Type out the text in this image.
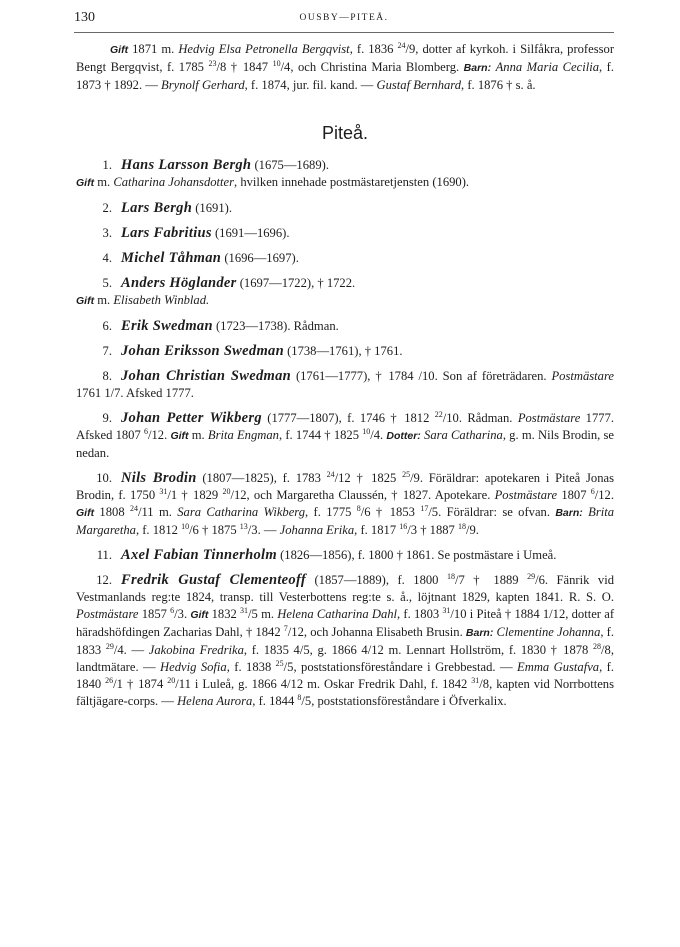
130	OUSBY—PITEÅ.

Gift 1871 m. Hedvig Elsa Petronella Bergqvist, f. 1836 $^{24}$/9, dotter af kyrkoh. i Silfåkra, professor Bengt Bergqvist, f. 1785 $^{23}$/8 † 1847 $^{10}$/4, och Christina Maria Blomberg. Barn: Anna Maria Cecilia, f. 1873 † 1892. — Brynolf Gerhard, f. 1874, jur. fil. kand. — Gustaf Bernhard, f. 1876 † s. å.

Piteå.

1. Hans Larsson Bergh (1675—1689).

Gift m. Catharina Johansdotter, hvilken innehade postmästaretjensten (1690).

2. Lars Bergh (1691).

3. Lars Fabritius (1691—1696).

4. Michel Tåhman (1696—1697).

5. Anders Höglander (1697—1722), † 1722.

Gift m. Elisabeth Winblad.

6. Erik Swedman (1723—1738). Rådman.

7. Johan Eriksson Swedman (1738—1761), † 1761.

8. Johan Christian Swedman (1761—1777), † 1784 /10. Son af företrädaren. Postmästare 1761 1/7. Afsked 1777.

9. Johan Petter Wikberg (1777—1807), f. 1746 † 1812 $^{22}$/10. Rådman. Postmästare 1777. Afsked 1807 $^6$/12. Gift m. Brita Engman, f. 1744 † 1825 $^{10}$/4. Dotter: Sara Catharina, g. m. Nils Brodin, se nedan.

10. Nils Brodin (1807—1825), f. 1783 $^{24}$/12 † 1825 $^{25}$/9. Föräldrar: apotekaren i Piteå Jonas Brodin, f. 1750 $^{31}$/1 † 1829 $^{20}$/12, och Margaretha Claussén, † 1827. Apotekare. Postmästare 1807 $^6$/12. Gift 1808 $^{24}$/11 m. Sara Catharina Wikberg, f. 1775 $^8$/6 † 1853 $^{17}$/5. Föräldrar: se ofvan. Barn: Brita Margaretha, f. 1812 $^{10}$/6 † 1875 $^{13}$/3. — Johanna Erika, f. 1817 $^{16}$/3 † 1887 $^{18}$/9.

11. Axel Fabian Tinnerholm (1826—1856), f. 1800 † 1861. Se postmästare i Umeå.

12. Fredrik Gustaf Clementeoff (1857—1889), f. 1800 $^{18}$/7 † 1889 $^{29}$/6. Fänrik vid Vestmanlands reg:te 1824, transp. till Vesterbottens reg:te s. å., löjtnant 1829, kapten 1841. R. S. O. Postmästare 1857 $^6$/3. Gift 1832 $^{31}$/5 m. Helena Catharina Dahl, f. 1803 $^{31}$/10 i Piteå † 1884 1/12, dotter af häradshöfdingen Zacharias Dahl, † 1842 $^7$/12, och Johanna Elisabeth Brusin. Barn: Clementine Johanna, f. 1833 $^{29}$/4. — Jakobina Fredrika, f. 1835 4/5, g. 1866 4/12 m. Lennart Hollström, f. 1830 † 1878 $^{28}$/8, landtmätare. — Hedvig Sofia, f. 1838 $^{25}$/5, poststationsföreståndare i Grebbestad. — Emma Gustafva, f. 1840 $^{26}$/1 † 1874 $^{20}$/11 i Luleå, g. 1866 4/12 m. Oskar Fredrik Dahl, f. 1842 $^{31}$/8, kapten vid Norrbottens fältjägare-corps. — Helena Aurora, f. 1844 $^8$/5, poststationsföreståndare i Öfverkalix.
